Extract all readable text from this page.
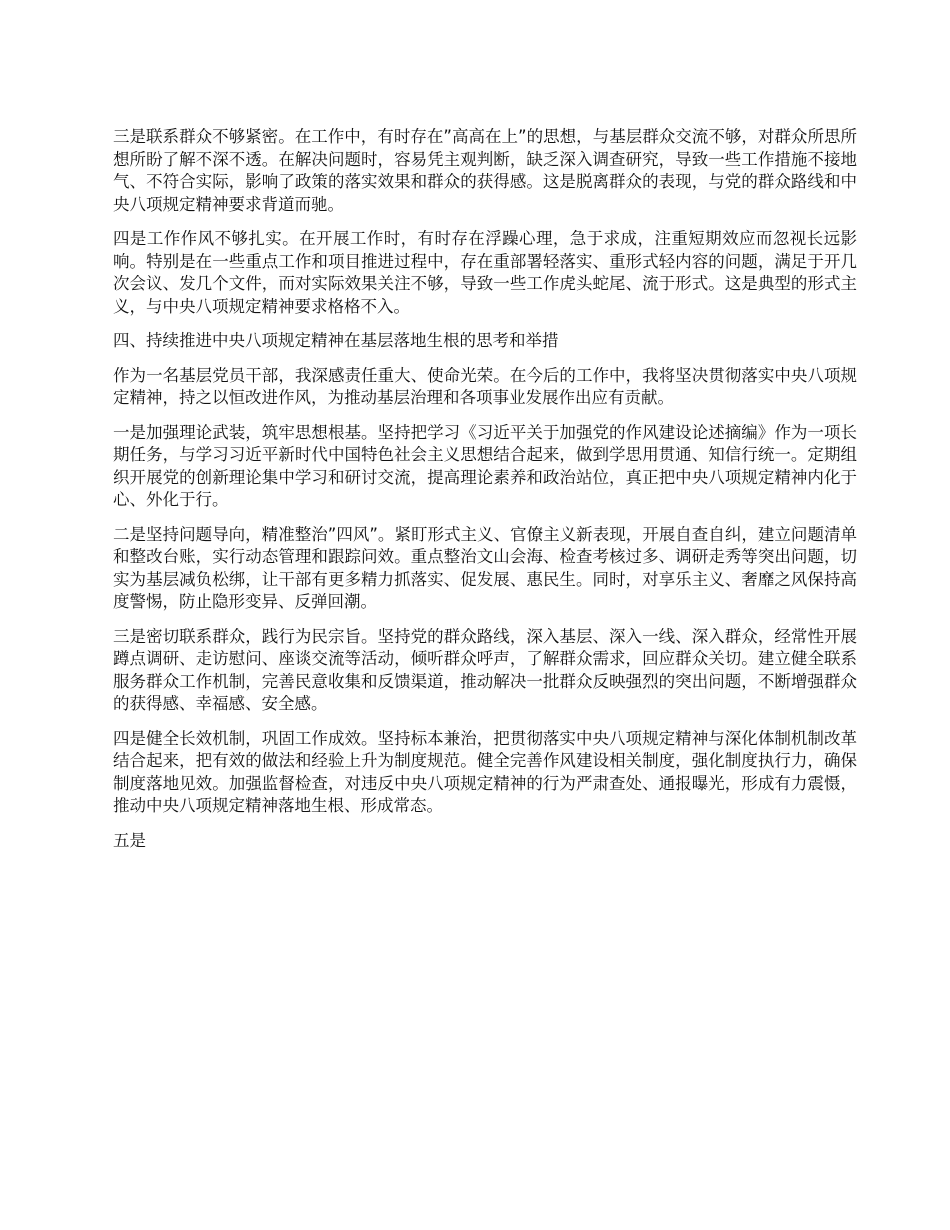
三是联系群众不够紧密。在工作中，有时存在”高高在上”的思想，与基层群众交流不够，对群众所思所想所盼了解不深不透。在解决问题时，容易凭主观判断，缺乏深入调查研究，导致一些工作措施不接地气、不符合实际，影响了政策的落实效果和群众的获得感。这是脱离群众的表现，与党的群众路线和中央八项规定精神要求背道而驰。

四是工作作风不够扎实。在开展工作时，有时存在浮躁心理，急于求成，注重短期效应而忽视长远影响。特别是在一些重点工作和项目推进过程中，存在重部署轻落实、重形式轻内容的问题，满足于开几次会议、发几个文件，而对实际效果关注不够，导致一些工作虎头蛇尾、流于形式。这是典型的形式主义，与中央八项规定精神要求格格不入。

四、持续推进中央八项规定精神在基层落地生根的思考和举措

作为一名基层党员干部，我深感责任重大、使命光荣。在今后的工作中，我将坚决贯彻落实中央八项规定精神，持之以恒改进作风，为推动基层治理和各项事业发展作出应有贡献。

一是加强理论武装，筑牢思想根基。坚持把学习《习近平关于加强党的作风建设论述摘编》作为一项长期任务，与学习习近平新时代中国特色社会主义思想结合起来，做到学思用贯通、知信行统一。定期组织开展党的创新理论集中学习和研讨交流，提高理论素养和政治站位，真正把中央八项规定精神内化于心、外化于行。

二是坚持问题导向，精准整治”四风”。紧盯形式主义、官僚主义新表现，开展自查自纠，建立问题清单和整改台账，实行动态管理和跟踪问效。重点整治文山会海、检查考核过多、调研走秀等突出问题，切实为基层减负松绑，让干部有更多精力抓落实、促发展、惠民生。同时，对享乐主义、奢靡之风保持高度警惕，防止隐形变异、反弹回潮。

三是密切联系群众，践行为民宗旨。坚持党的群众路线，深入基层、深入一线、深入群众，经常性开展蹲点调研、走访慰问、座谈交流等活动，倾听群众呼声，了解群众需求，回应群众关切。建立健全联系服务群众工作机制，完善民意收集和反馈渠道，推动解决一批群众反映强烈的突出问题，不断增强群众的获得感、幸福感、安全感。

四是健全长效机制，巩固工作成效。坚持标本兼治，把贯彻落实中央八项规定精神与深化体制机制改革结合起来，把有效的做法和经验上升为制度规范。健全完善作风建设相关制度，强化制度执行力，确保制度落地见效。加强监督检查，对违反中央八项规定精神的行为严肃查处、通报曝光，形成有力震慑，推动中央八项规定精神落地生根、形成常态。

五是
